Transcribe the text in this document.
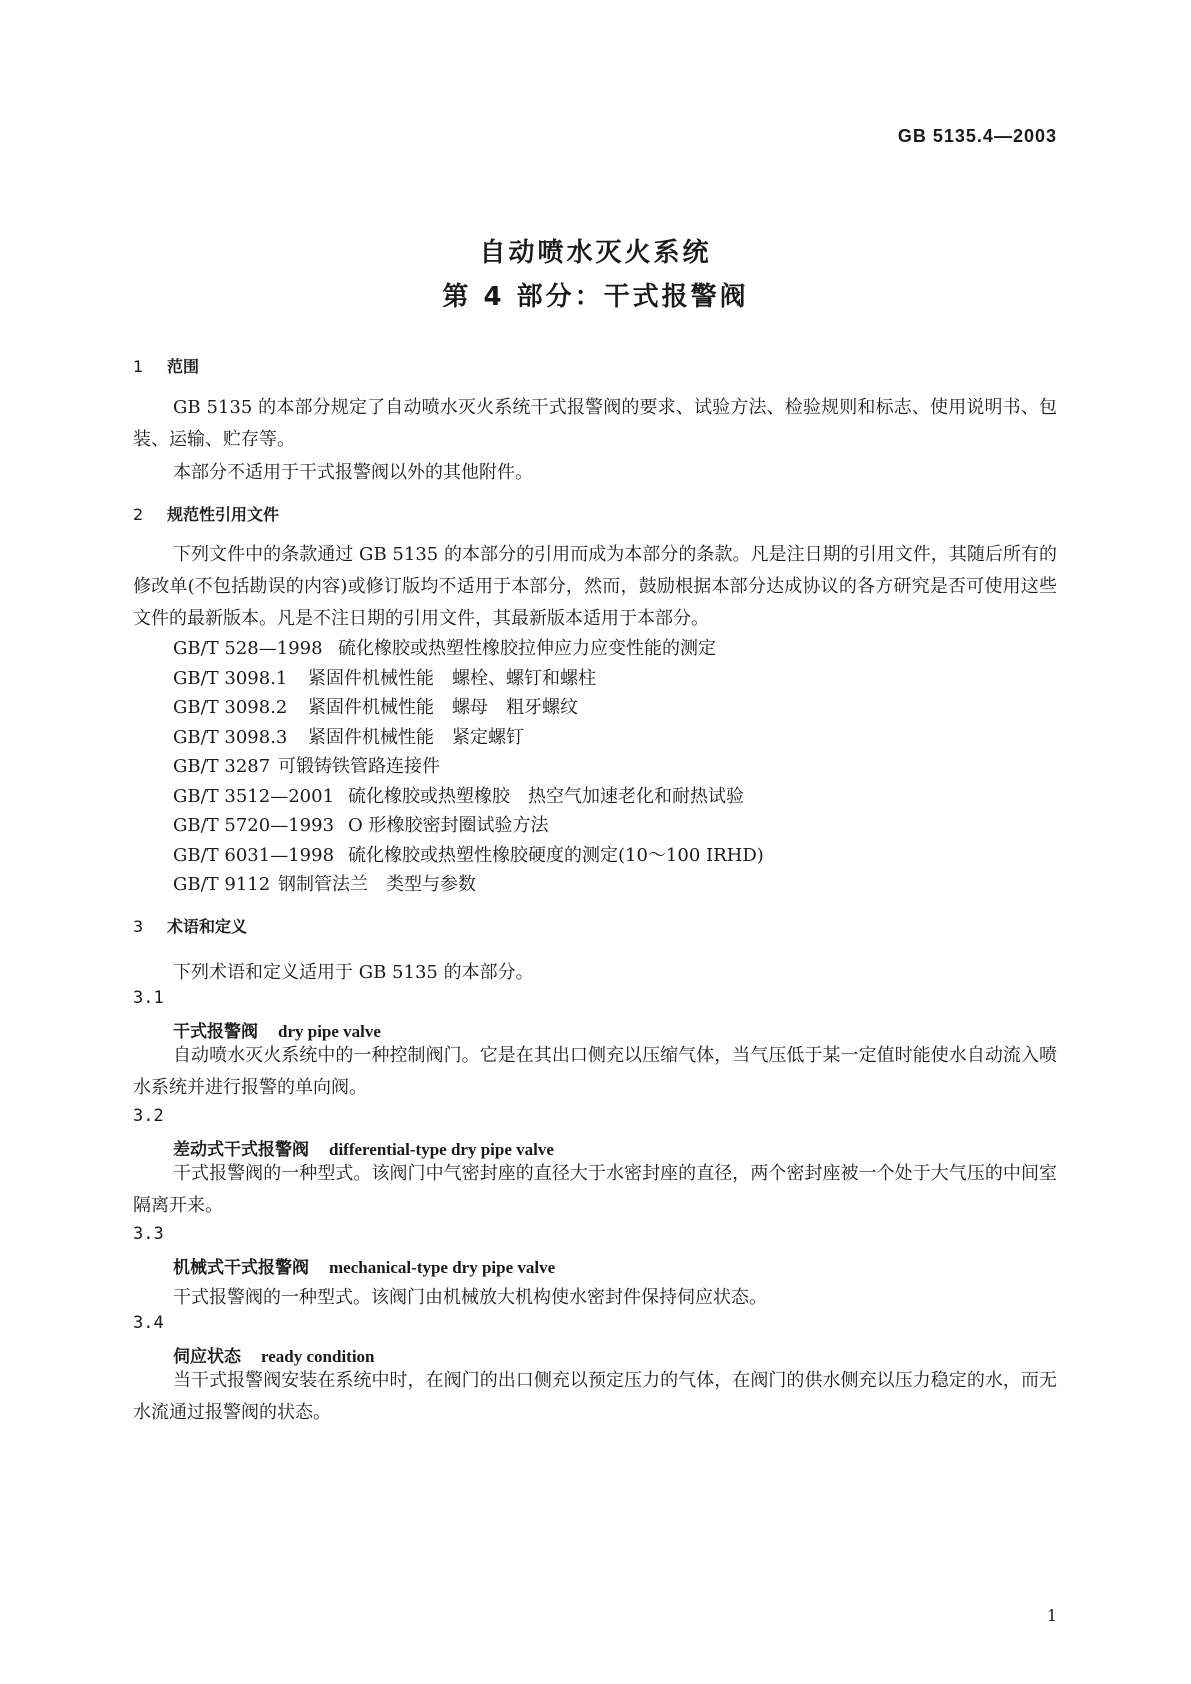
GB 5135.4—2003
自动喷水灭火系统
第 4 部分：干式报警阀
1 范围
GB 5135 的本部分规定了自动喷水灭火系统干式报警阀的要求、试验方法、检验规则和标志、使用说明书、包装、运输、贮存等。
本部分不适用于干式报警阀以外的其他附件。
2 规范性引用文件
下列文件中的条款通过 GB 5135 的本部分的引用而成为本部分的条款。凡是注日期的引用文件，其随后所有的修改单(不包括勘误的内容)或修订版均不适用于本部分，然而，鼓励根据本部分达成协议的各方研究是否可使用这些文件的最新版本。凡是不注日期的引用文件，其最新版本适用于本部分。
GB/T 528—1998 硫化橡胶或热塑性橡胶拉伸应力应变性能的测定
GB/T 3098.1 紧固件机械性能　螺栓、螺钉和螺柱
GB/T 3098.2 紧固件机械性能　螺母　粗牙螺纹
GB/T 3098.3 紧固件机械性能　紧定螺钉
GB/T 3287 可锻铸铁管路连接件
GB/T 3512—2001 硫化橡胶或热塑橡胶　热空气加速老化和耐热试验
GB/T 5720—1993 O 形橡胶密封圈试验方法
GB/T 6031—1998 硫化橡胶或热塑性橡胶硬度的测定(10～100 IRHD)
GB/T 9112 钢制管法兰　类型与参数
3 术语和定义
下列术语和定义适用于 GB 5135 的本部分。
3.1
干式报警阀 dry pipe valve
自动喷水灭火系统中的一种控制阀门。它是在其出口侧充以压缩气体，当气压低于某一定值时能使水自动流入喷水系统并进行报警的单向阀。
3.2
差动式干式报警阀 differential-type dry pipe valve
干式报警阀的一种型式。该阀门中气密封座的直径大于水密封座的直径，两个密封座被一个处于大气压的中间室隔离开来。
3.3
机械式干式报警阀 mechanical-type dry pipe valve
干式报警阀的一种型式。该阀门由机械放大机构使水密封件保持伺应状态。
3.4
伺应状态 ready condition
当干式报警阀安装在系统中时，在阀门的出口侧充以预定压力的气体，在阀门的供水侧充以压力稳定的水，而无水流通过报警阀的状态。
1
